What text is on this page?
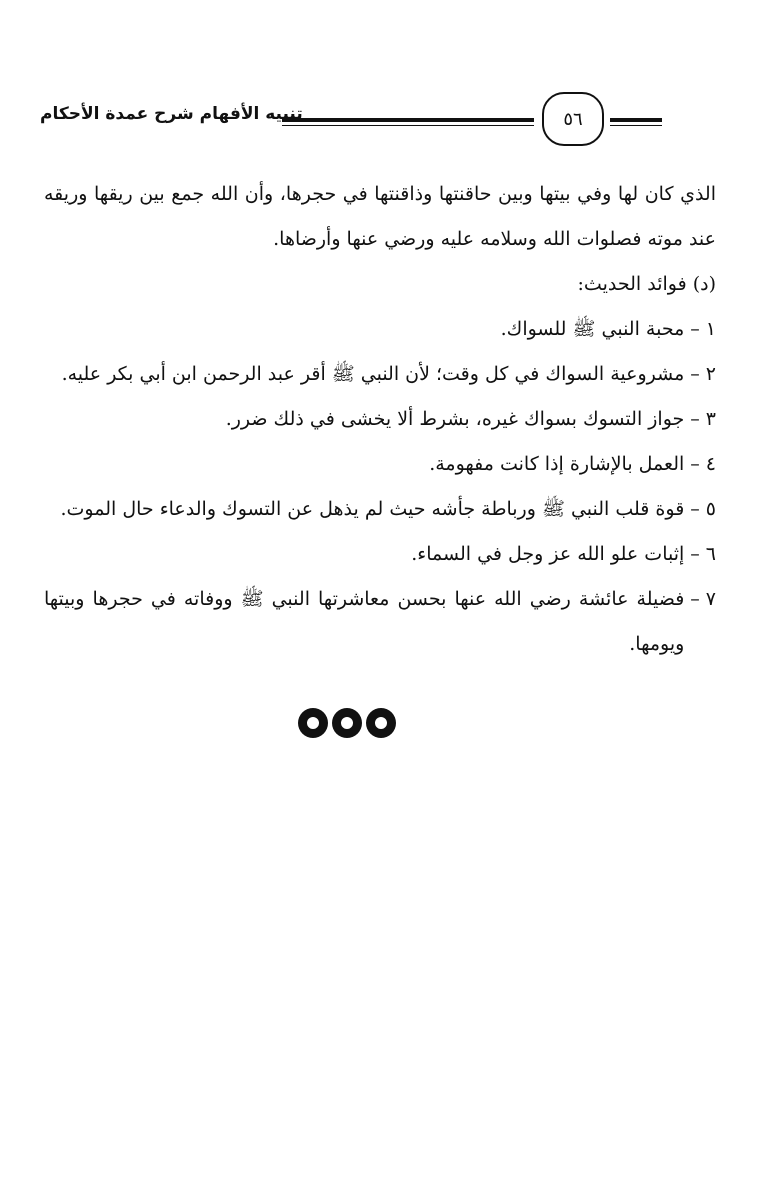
تنبيه الأفهام شرح عمدة الأحكام	٥٦

الذي كان لها وفي بيتها وبين حاقنتها وذاقنتها في حجرها، وأن الله جمع بين ريقها وريقه عند موته فصلوات الله وسلامه عليه ورضي عنها وأرضاها.

(د) فوائد الحديث:

١
–
محبة النبي ﷺ للسواك.
٢
–
مشروعية السواك في كل وقت؛ لأن النبي ﷺ أقر عبد الرحمن ابن أبي بكر عليه.
٣
–
جواز التسوك بسواك غيره، بشرط ألا يخشى في ذلك ضرر.
٤
–
العمل بالإشارة إذا كانت مفهومة.
٥
–
قوة قلب النبي ﷺ ورباطة جأشه حيث لم يذهل عن التسوك والدعاء حال الموت.
٦
–
إثبات علو الله عز وجل في السماء.
٧
–
فضيلة عائشة رضي الله عنها بحسن معاشرتها النبي ﷺ ووفاته في حجرها وبيتها ويومها.
